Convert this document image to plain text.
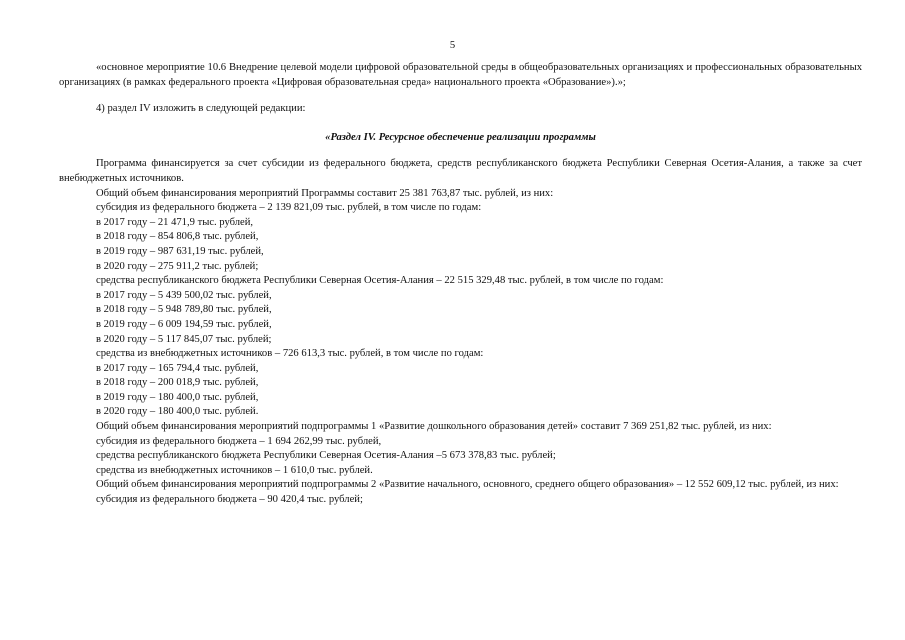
5

«основное мероприятие 10.6 Внедрение целевой модели цифровой образовательной среды в общеобразовательных организациях и профессиональных образовательных организациях (в рамках федерального проекта «Цифровая образовательная среда» национального проекта «Образование»).»;

4) раздел IV изложить в следующей редакции:

«Раздел IV. Ресурсное обеспечение реализации программы

Программа финансируется за счет субсидии из федерального бюджета, средств республиканского бюджета Республики Северная Осетия-Алания, а также за счет внебюджетных источников.

Общий объем финансирования мероприятий Программы составит 25 381 763,87 тыс. рублей, из них:

субсидия из федерального бюджета – 2 139 821,09 тыс. рублей, в том числе по годам:

в 2017 году – 21 471,9 тыс. рублей,

в 2018 году – 854 806,8 тыс. рублей,

в 2019 году – 987 631,19 тыс. рублей,

в 2020 году – 275 911,2 тыс. рублей;

средства республиканского бюджета Республики Северная Осетия-Алания – 22 515 329,48 тыс. рублей, в том числе по годам:

в 2017 году – 5 439 500,02 тыс. рублей,

в 2018 году – 5 948 789,80 тыс. рублей,

в 2019 году – 6 009 194,59 тыс. рублей,

в 2020 году – 5 117 845,07 тыс. рублей;

средства из внебюджетных источников – 726 613,3 тыс. рублей, в том числе по годам:

в 2017 году – 165 794,4 тыс. рублей,

в 2018 году – 200 018,9 тыс. рублей,

в 2019 году – 180 400,0 тыс. рублей,

в 2020 году – 180 400,0 тыс. рублей.

Общий объем финансирования мероприятий подпрограммы 1 «Развитие дошкольного образования детей» составит 7 369 251,82 тыс. рублей, из них:

субсидия из федерального бюджета – 1 694 262,99 тыс. рублей,

средства республиканского бюджета Республики Северная Осетия-Алания –5 673 378,83 тыс. рублей;

средства из внебюджетных источников – 1 610,0 тыс. рублей.

Общий объем финансирования мероприятий подпрограммы 2 «Развитие начального, основного, среднего общего образования» – 12 552 609,12 тыс. рублей, из них:

субсидия из федерального бюджета – 90 420,4 тыс. рублей;
